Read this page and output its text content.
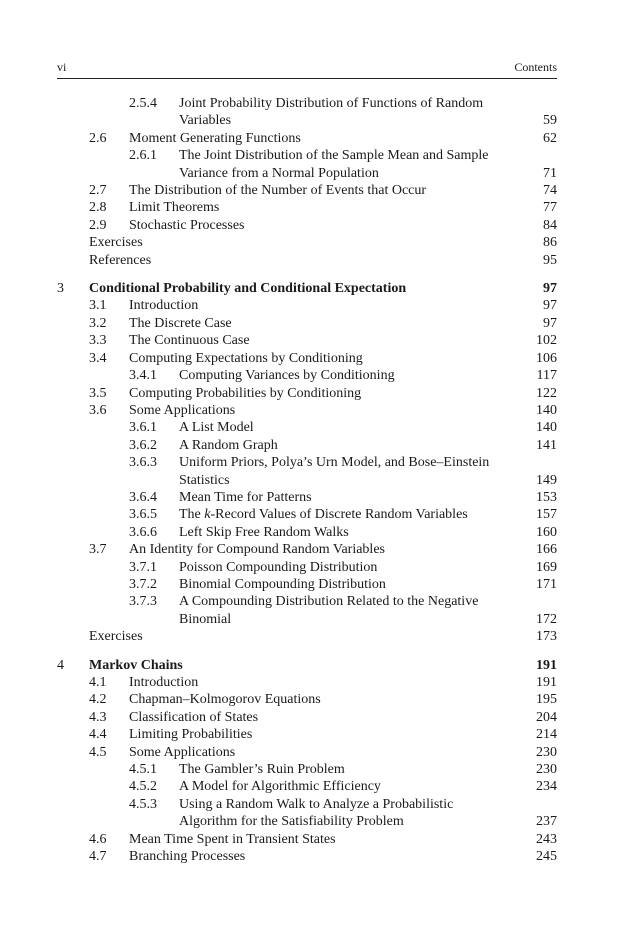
vi	Contents
2.5.4 Joint Probability Distribution of Functions of Random Variables	59
2.6 Moment Generating Functions	62
2.6.1 The Joint Distribution of the Sample Mean and Sample Variance from a Normal Population	71
2.7 The Distribution of the Number of Events that Occur	74
2.8 Limit Theorems	77
2.9 Stochastic Processes	84
Exercises	86
References	95
3 Conditional Probability and Conditional Expectation	97
3.1 Introduction	97
3.2 The Discrete Case	97
3.3 The Continuous Case	102
3.4 Computing Expectations by Conditioning	106
3.4.1 Computing Variances by Conditioning	117
3.5 Computing Probabilities by Conditioning	122
3.6 Some Applications	140
3.6.1 A List Model	140
3.6.2 A Random Graph	141
3.6.3 Uniform Priors, Polya’s Urn Model, and Bose–Einstein Statistics	149
3.6.4 Mean Time for Patterns	153
3.6.5 The k-Record Values of Discrete Random Variables	157
3.6.6 Left Skip Free Random Walks	160
3.7 An Identity for Compound Random Variables	166
3.7.1 Poisson Compounding Distribution	169
3.7.2 Binomial Compounding Distribution	171
3.7.3 A Compounding Distribution Related to the Negative Binomial	172
Exercises	173
4 Markov Chains	191
4.1 Introduction	191
4.2 Chapman–Kolmogorov Equations	195
4.3 Classification of States	204
4.4 Limiting Probabilities	214
4.5 Some Applications	230
4.5.1 The Gambler’s Ruin Problem	230
4.5.2 A Model for Algorithmic Efficiency	234
4.5.3 Using a Random Walk to Analyze a Probabilistic Algorithm for the Satisfiability Problem	237
4.6 Mean Time Spent in Transient States	243
4.7 Branching Processes	245
